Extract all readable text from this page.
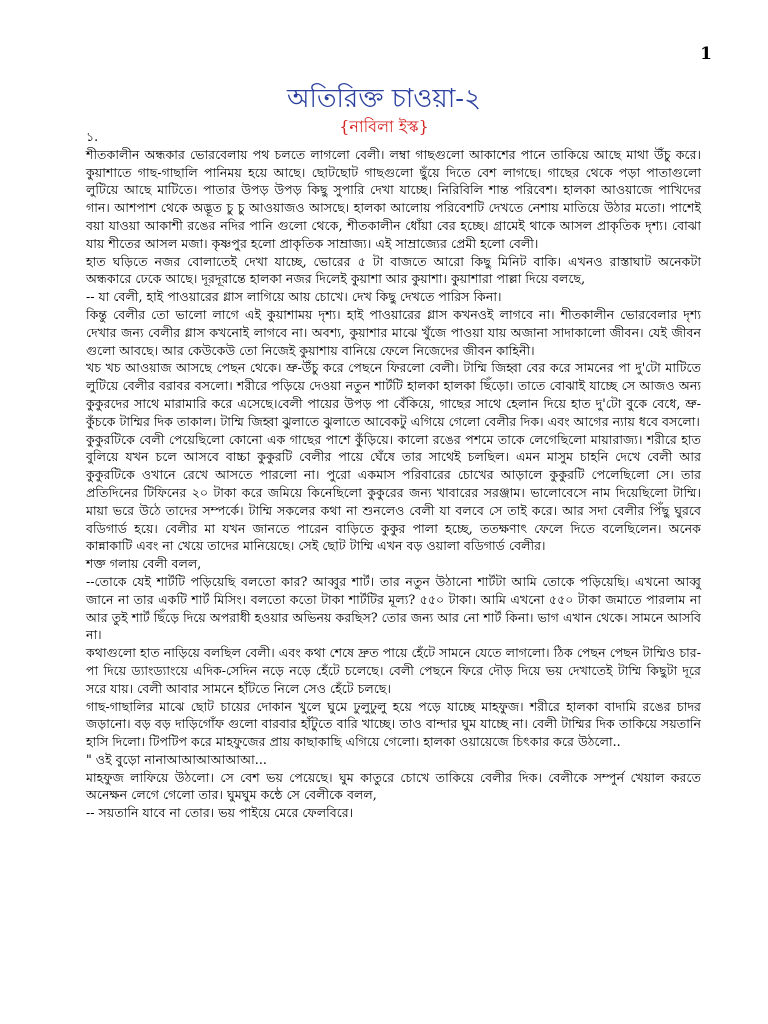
1
অতিরিক্ত চাওয়া-২
{নাবিলা ইস্ক}

১.

শীতকালীন অন্ধকার ভোরবেলায় পথ চলতে লাগলো বেলী। লম্বা গাছগুলো আকাশের পানে তাকিয়ে আছে মাথা উঁচু করে। কুয়াশাতে গাছ-গাছালি পানিময় হয়ে আছে। ছোটছোট গাছগুলো ছুঁয়ে দিতে বেশ লাগছে। গাছের থেকে পড়া পাতাগুলো লুটিয়ে আছে মাটিতে। পাতার উপড় উপড় কিছু সুপারি দেখা যাচ্ছে। নিরিবিলি শান্ত পরিবেশ। হালকা আওয়াজে পাখিদের গান। আশপাশ থেকে অদ্ভূত চু চু আওয়াজও আসছে। হালকা আলোয় পরিবেশটি দেখতে নেশায় মাতিয়ে উঠার মতো। পাশেই বয়া যাওয়া আকাশী রঙের নদির পানি গুলো থেকে, শীতকালীন ধোঁয়া বের হচ্ছে। গ্রামেই থাকে আসল প্রাকৃতিক দৃশ্য। বোঝা যায় শীতের আসল মজা। কৃষ্ণপুর হলো প্রাকৃতিক সাম্রাজ্য। এই সাম্রাজ্যের প্রেমী হলো বেলী।

হাত ঘড়িতে নজর বোলাতেই দেখা যাচ্ছে, ভোরের ৫ টা বাজতে আরো কিছু মিনিট বাকি। এখনও রাস্তাঘাট অনেকটা অন্ধকারে ঢেকে আছে। দূরদূরান্তে হালকা নজর দিলেই কুয়াশা আর কুয়াশা। কুয়াশারা পাল্লা দিয়ে বলছে,

-- যা বেলী, হাই পাওয়ারের গ্লাস লাগিয়ে আয় চোখে। দেখ কিছু দেখতে পারিস কিনা।

কিন্তু বেলীর তো ভালো লাগে এই কুয়াশাময় দৃশ্য। হাই পাওয়ারের গ্লাস কখনওই লাগবে না। শীতকালীন ভোরবেলার দৃশ্য দেখার জন্য বেলীর গ্লাস কখনোই লাগবে না। অবশ্য, কুয়াশার মাঝে খুঁজে পাওয়া যায় অজানা সাদাকালো জীবন। যেই জীবন গুলো আবছে। আর কেউকেউ তো নিজেই কুয়াশায় বানিয়ে ফেলে নিজেদের জীবন কাহিনী।

খচ খচ আওয়াজ আসছে পেছন থেকে। ভ্রু-উঁচু করে পেছনে ফিরলো বেলী। টাম্মি জিহ্বা বের করে সামনের পা দু'টো মাটিতে লুটিয়ে বেলীর বরাবর বসলো। শরীরে পড়িয়ে দেওয়া নতুন শার্টটি হালকা হালকা ছিঁড়ো। তাতে বোঝাই যাচ্ছে সে আজও অন্য কুকুরদের সাথে মারামারি করে এসেছে।বেলী পায়ের উপড় পা বেঁকিয়ে, গাছের সাথে হেলান দিয়ে হাত দু'টো বুকে বেধে, ভ্রু-কুঁচকে টাম্মির দিক তাকাল। টাম্মি জিহ্বা ঝুলাতে ঝুলাতে আবেকটু এগিয়ে গেলো বেলীর দিক। এবং আগের ন্যায় ধবে বসলো।

কুকুরটিকে বেলী পেয়েছিলো কোনো এক গাছের পাশে কুঁড়িয়ে। কালো রঙের পশমে তাকে লেগেছিলো মায়ারাজ্য। শরীরে হাত বুলিয়ে যখন চলে আসবে বাচ্চা কুকুরটি বেলীর পায়ে ঘেঁষে তার সাথেই চলছিল। এমন মাসুম চাহনি দেখে বেলী আর কুকুরটিকে ওখানে রেখে আসতে পারলো না। পুরো একমাস পরিবারের চোখের আড়ালে কুকুরটি পেলেছিলো সে। তার প্রতিদিনের টিফিনের ২০ টাকা করে জমিয়ে কিনেছিলো কুকুরের জন্য খাবারের সরঞ্জাম। ভালোবেসে নাম দিয়েছিলো টাম্মি। মায়া ভরে উঠে তাদের সম্পর্কে। টাম্মি সকলের কথা না শুনলেও বেলী যা বলবে সে তাই করে। আর সদা বেলীর পিঁছু ঘুরবে বডিগার্ড হয়ে। বেলীর মা যখন জানতে পারেন বাড়িতে কুকুর পালা হচ্ছে, ততক্ষণাৎ ফেলে দিতে বলেছিলেন। অনেক কান্নাকাটি এবং না খেয়ে তাদের মানিয়েছে। সেই ছোট টাম্মি এখন বড় ওয়ালা বডিগার্ড বেলীর।

শক্ত গলায় বেলী বলল,

--তোকে যেই শার্টটি পড়িয়েছি বলতো কার? আব্বুর শার্ট। তার নতুন উঠানো শার্টটা আমি তোকে পড়িয়েছি। এখনো আব্বু জানে না তার একটি শার্ট মিসিং। বলতো কতো টাকা শার্টটির মূল্য? ৫৫০ টাকা। আমি এখনো ৫৫০ টাকা জমাতে পারলাম না আর তুই শার্ট ছিঁড়ে দিয়ে অপরাধী হওয়ার অভিনয় করছিস? তোর জন্য আর নো শার্ট কিনা। ভাগ এখান থেকে। সামনে আসবি না।

কথাগুলো হাত নাড়িয়ে বলছিল বেলী। এবং কথা শেষে দ্রুত পায়ে হেঁটে সামনে যেতে লাগলো। ঠিক পেছন পেছন টাম্মিও চার-পা দিয়ে ড্যাংড্যাংয়ে এদিক-সেদিন নড়ে নড়ে হেঁটে চলেছে। বেলী পেছনে ফিরে দৌড় দিয়ে ভয় দেখাতেই টাম্মি কিছুটা দূরে সরে যায়। বেলী আবার সামনে হাঁটতে নিলে সেও হেঁটে চলছে।

গাছ-গাছালির মাঝে ছোট চায়ের দোকান খুলে ঘুমে ঢুলুঢুলু হয়ে পড়ে যাচ্ছে মাহফুজ। শরীরে হালকা বাদামি রঙের চাদর জড়ানো। বড় বড় দাড়িগোঁফ গুলো বারবার হাঁটুতে বারি খাচ্ছে। তাও বান্দার ঘুম যাচ্ছে না। বেলী টাম্মির দিক তাকিয়ে সয়তানি হাসি দিলো। টিপটিপ করে মাহফুজের প্রায় কাছাকাছি এগিয়ে গেলো। হালকা ওয়ায়েজে চিৎকার করে উঠলো..

" ওই বুড়ো নানাআআআআআআ...

মাহফুজ লাফিয়ে উঠলো। সে বেশ ভয় পেয়েছে। ঘুম কাতুরে চোখে তাকিয়ে বেলীর দিক। বেলীকে সম্পুর্ন খেয়াল করতে অনেক্ষন লেগে গেলো তার। ঘুমঘুম কন্ঠে সে বেলীকে বলল,

-- সয়তানি যাবে না তোর। ভয় পাইয়ে মেরে ফেলবিরে।
